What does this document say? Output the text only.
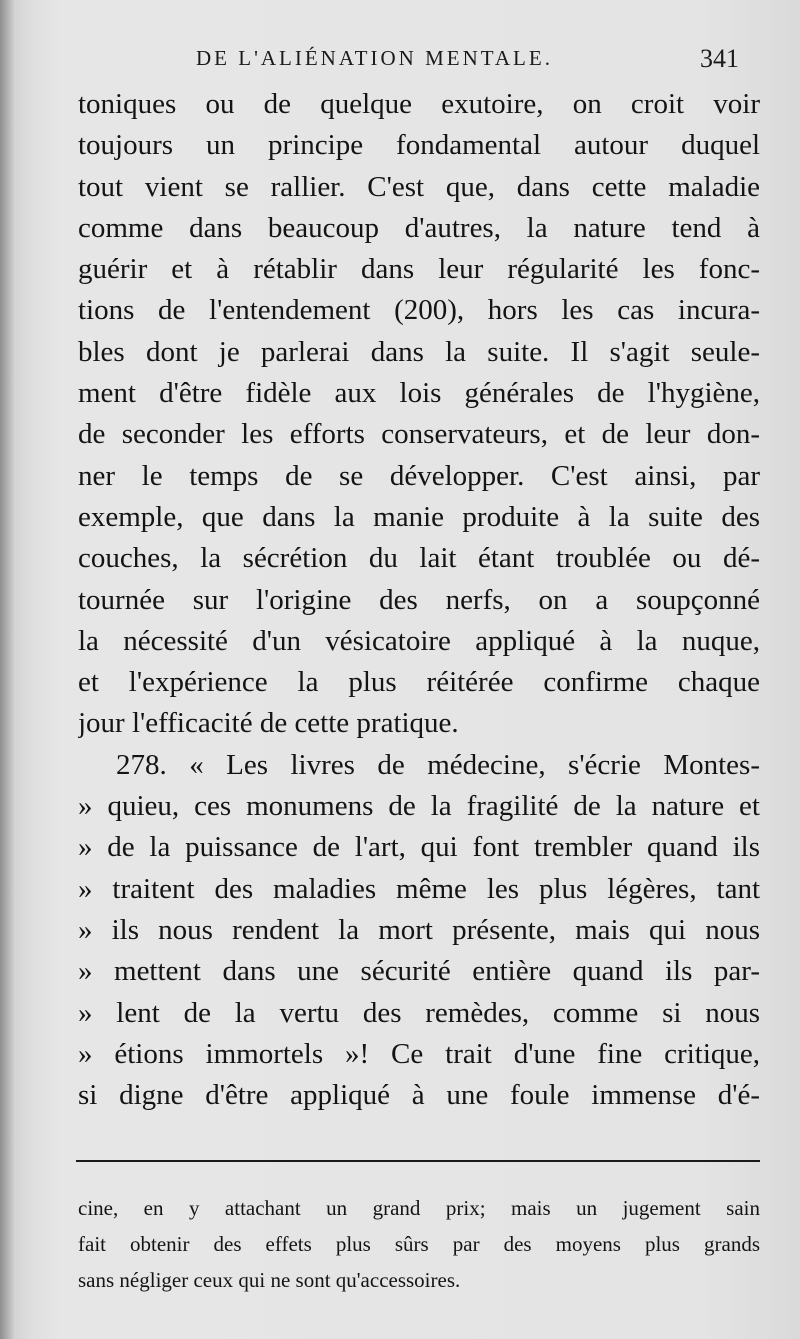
DE L'ALIÉNATION MENTALE.	341
toniques ou de quelque exutoire, on croit voir
toujours un principe fondamental autour duquel
tout vient se rallier. C'est que, dans cette maladie
comme dans beaucoup d'autres, la nature tend à
guérir et à rétablir dans leur régularité les fonc-
tions de l'entendement (200), hors les cas incura-
bles dont je parlerai dans la suite. Il s'agit seule-
ment d'être fidèle aux lois générales de l'hygiène,
de seconder les efforts conservateurs, et de leur don-
ner le temps de se développer. C'est ainsi, par
exemple, que dans la manie produite à la suite des
couches, la sécrétion du lait étant troublée ou dé-
tournée sur l'origine des nerfs, on a soupçonné
la nécessité d'un vésicatoire appliqué à la nuque,
et l'expérience la plus réitérée confirme chaque
jour l'efficacité de cette pratique.
278. « Les livres de médecine, s'écrie Montes-
» quieu, ces monumens de la fragilité de la nature et
» de la puissance de l'art, qui font trembler quand ils
» traitent des maladies même les plus légères, tant
» ils nous rendent la mort présente, mais qui nous
» mettent dans une sécurité entière quand ils par-
» lent de la vertu des remèdes, comme si nous
» étions immortels »! Ce trait d'une fine critique,
si digne d'être appliqué à une foule immense d'é-
cine, en y attachant un grand prix; mais un jugement sain
fait obtenir des effets plus sûrs par des moyens plus grands
sans négliger ceux qui ne sont qu'accessoires.
